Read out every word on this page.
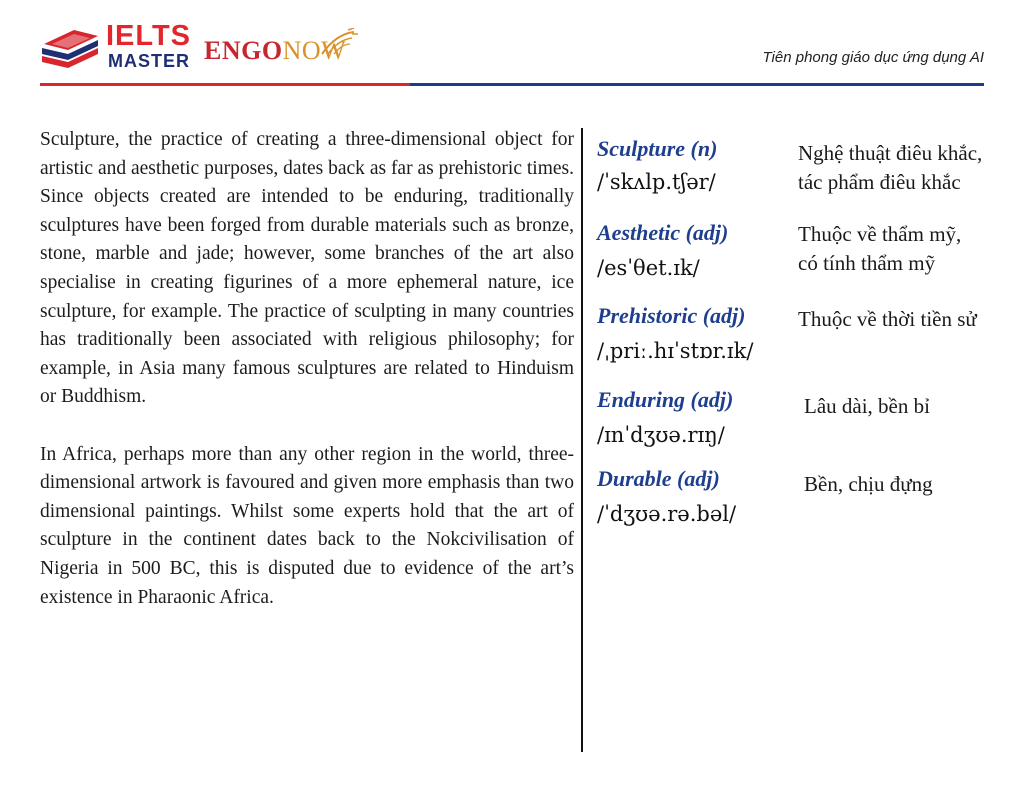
IELTS
MASTER ENGONOW	Tiên phong giáo dục ứng dụng AI

Sculpture, the practice of creating a three-dimensional object for artistic and aesthetic purposes, dates back as far as prehistoric times. Since objects created are intended to be enduring, traditionally sculptures have been forged from durable materials such as bronze, stone, marble and jade; however, some branches of the art also specialise in creating figurines of a more ephemeral nature, ice sculpture, for example. The practice of sculpting in many countries has traditionally been associated with religious philosophy; for example, in Asia many famous sculptures are related to Hinduism or Buddhism.

In Africa, perhaps more than any other region in the world, three-dimensional artwork is favoured and given more emphasis than two dimensional paintings. Whilst some experts hold that the art of sculpture in the continent dates back to the Nokcivilisation of Nigeria in 500 BC, this is disputed due to evidence of the art’s existence in Pharaonic Africa.

Sculpture (n)
/ˈskʌlp.tʃər/
Nghệ thuật điêu khắc,
tác phẩm điêu khắc
Aesthetic (adj)
/esˈθet.ɪk/
Thuộc về thẩm mỹ,
có tính thẩm mỹ
Prehistoric (adj)
/ˌpriː.hɪˈstɒr.ɪk/
Thuộc về thời tiền sử
Enduring (adj)
/ɪnˈdʒʊə.rɪŋ/
Lâu dài, bền bỉ
Durable (adj)
/ˈdʒʊə.rə.bəl/
Bền, chịu đựng
